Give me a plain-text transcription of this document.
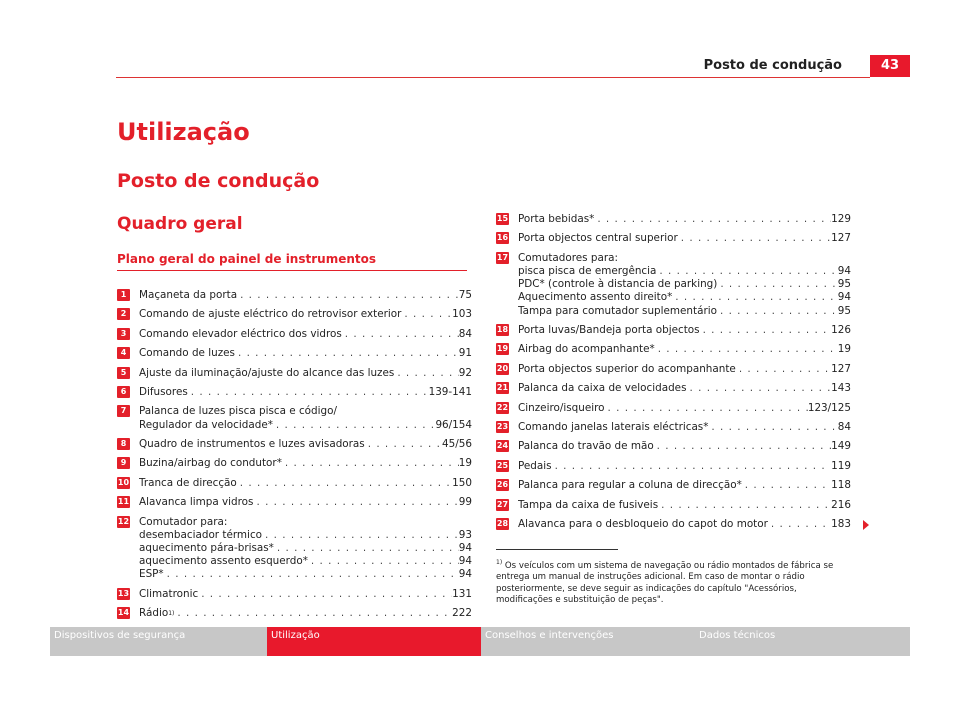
Posto de condução	43
Utilização
Posto de condução
Quadro geral
Plano geral do painel de instrumentos
1	Maçaneta da porta . . .	75
2	Comando de ajuste eléctrico do retrovisor exterior . . .	103
3	Comando elevador eléctrico dos vidros . . .	84
4	Comando de luzes . . .	91
5	Ajuste da iluminação/ajuste do alcance das luzes . . .	92
6	Difusores . . .	139-141
7	Palanca de luzes pisca pisca e código/
Regulador da velocidade* . . .	96/154
8	Quadro de instrumentos e luzes avisadoras . . .	45/56
9	Buzina/airbag do condutor* . . .	19
10 Tranca de direcção . . .	150
11 Alavanca limpa vidros . . .	99
12 Comutador para:
desembaciador térmico . . .	93
aquecimento pára-brisas* . . .	94
aquecimento assento esquerdo* . . .	94
ESP* . . .	94
13 Climatronic . . .	131
14 Rádio 1) . . .	222
15 Porta bebidas* . . .	129
16 Porta objectos central superior . . .	127
17 Comutadores para:
pisca pisca de emergência . . .	94
PDC* (controle à distancia de parking) . . .	95
Aquecimento assento direito* . . .	94
Tampa para comutador suplementário . . .	95
18 Porta luvas/Bandeja porta objectos . . .	126
19 Airbag do acompanhante* . . .	19
20 Porta objectos superior do acompanhante . . .	127
21 Palanca da caixa de velocidades . . .	143
22 Cinzeiro/isqueiro . . .	123/125
23 Comando janelas laterais eléctricas* . . .	84
24 Palanca do travão de mão . . .	149
25 Pedais . . .	119
26 Palanca para regular a coluna de direcção* . . .	118
27 Tampa da caixa de fusiveis . . .	216
28 Alavanca para o desbloqueio do capot do motor . . .	183
$^{1)}$ Os veículos com um sistema de navegação ou rádio montados de fábrica se entrega um manual de instruções adicional. Em caso de montar o rádio posteriormente, se deve seguir as indicações do capítulo "Acessórios, modificações e substituição de peças".
Dispositivos de segurança	Utilização	Conselhos e intervenções	Dados técnicos
